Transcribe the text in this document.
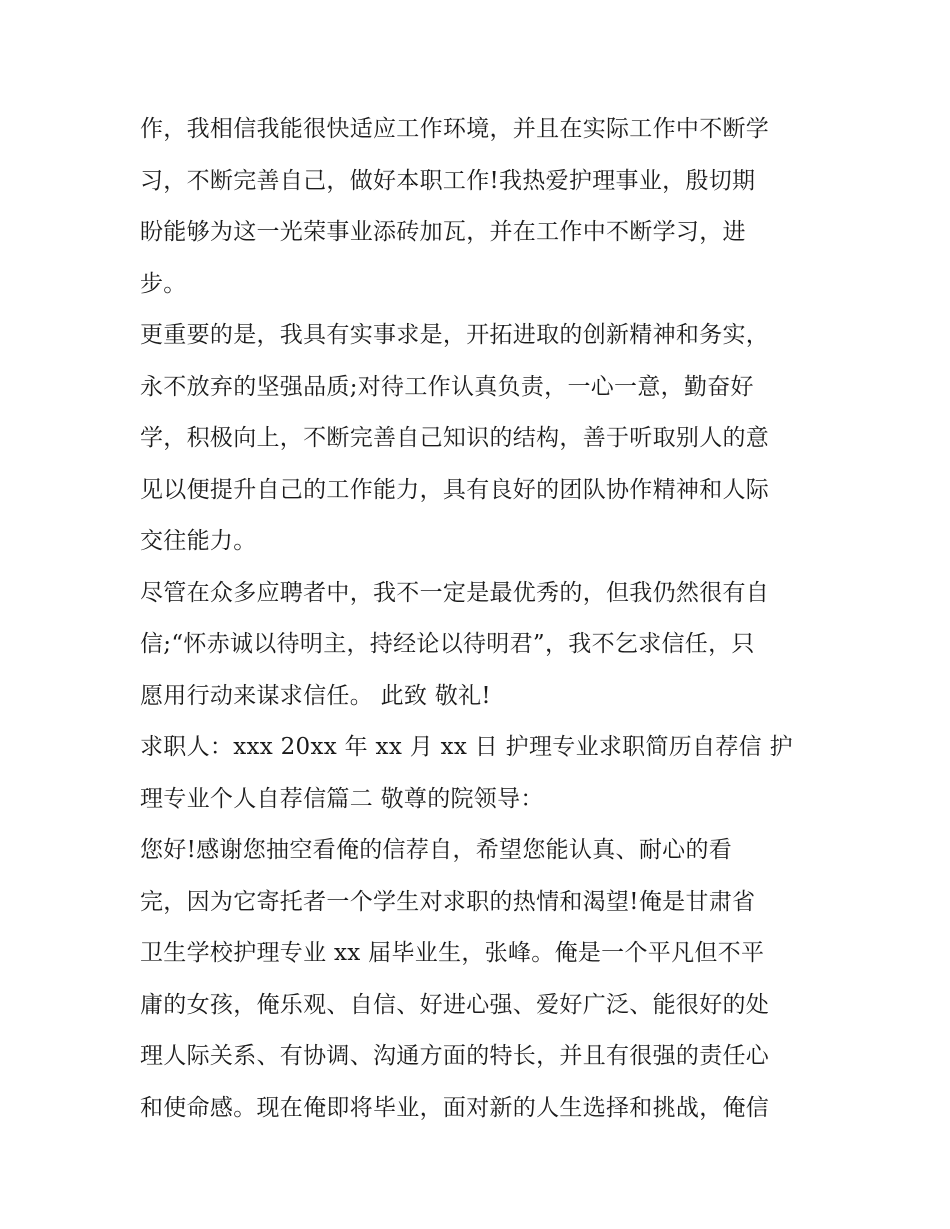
作，我相信我能很快适应工作环境，并且在实际工作中不断学
习，不断完善自己，做好本职工作!我热爱护理事业，殷切期
盼能够为这一光荣事业添砖加瓦，并在工作中不断学习，进
步。
更重要的是，我具有实事求是，开拓进取的创新精神和务实，
永不放弃的坚强品质;对待工作认真负责，一心一意，勤奋好
学，积极向上，不断完善自己知识的结构，善于听取别人的意
见以便提升自己的工作能力，具有良好的团队协作精神和人际
交往能力。
尽管在众多应聘者中，我不一定是最优秀的，但我仍然很有自
信;“怀赤诚以待明主，持经论以待明君”，我不乞求信任，只
愿用行动来谋求信任。 此致 敬礼!
求职人：xxx 20xx 年 xx 月 xx 日 护理专业求职简历自荐信 护
理专业个人自荐信篇二 敬尊的院领导：
您好!感谢您抽空看俺的信荐自，希望您能认真、耐心的看
完，因为它寄托者一个学生对求职的热情和渴望!俺是甘肃省
卫生学校护理专业 xx 届毕业生，张峰。俺是一个平凡但不平
庸的女孩，俺乐观、自信、好进心强、爱好广泛、能很好的处
理人际关系、有协调、沟通方面的特长，并且有很强的责任心
和使命感。现在俺即将毕业，面对新的人生选择和挑战，俺信
